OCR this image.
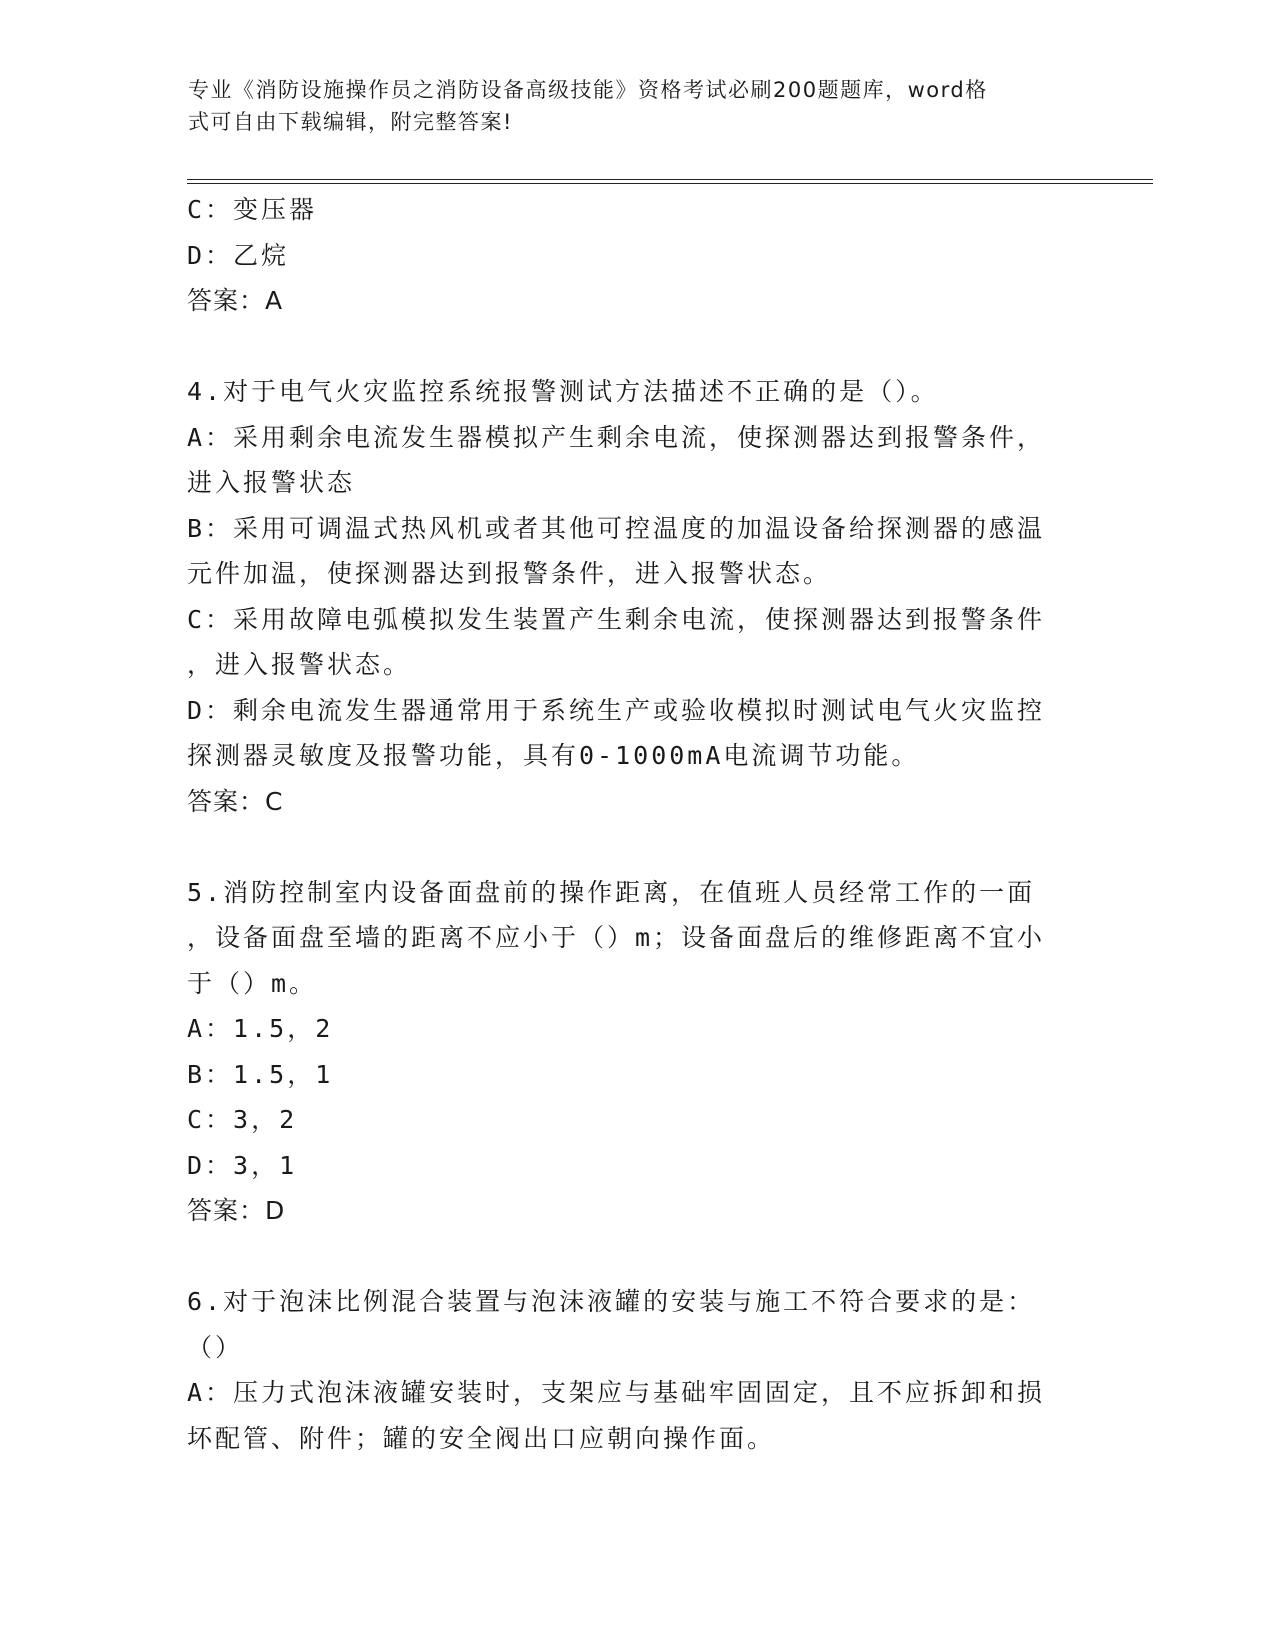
专业《消防设施操作员之消防设备高级技能》资格考试必刷200题题库，word格
式可自由下载编辑，附完整答案!
C：变压器
D：乙烷
答案：A
4.对于电气火灾监控系统报警测试方法描述不正确的是（）。
A：采用剩余电流发生器模拟产生剩余电流，使探测器达到报警条件，
进入报警状态
B：采用可调温式热风机或者其他可控温度的加温设备给探测器的感温
元件加温，使探测器达到报警条件，进入报警状态。
C：采用故障电弧模拟发生装置产生剩余电流，使探测器达到报警条件
，进入报警状态。
D：剩余电流发生器通常用于系统生产或验收模拟时测试电气火灾监控
探测器灵敏度及报警功能，具有0-1000mA电流调节功能。
答案：C
5.消防控制室内设备面盘前的操作距离，在值班人员经常工作的一面
，设备面盘至墙的距离不应小于（）m；设备面盘后的维修距离不宜小
于（）m。
A：1.5，2
B：1.5，1
C：3，2
D：3，1
答案：D
6.对于泡沫比例混合装置与泡沫液罐的安装与施工不符合要求的是：
（）
A：压力式泡沫液罐安装时，支架应与基础牢固固定，且不应拆卸和损
坏配管、附件；罐的安全阀出口应朝向操作面。
